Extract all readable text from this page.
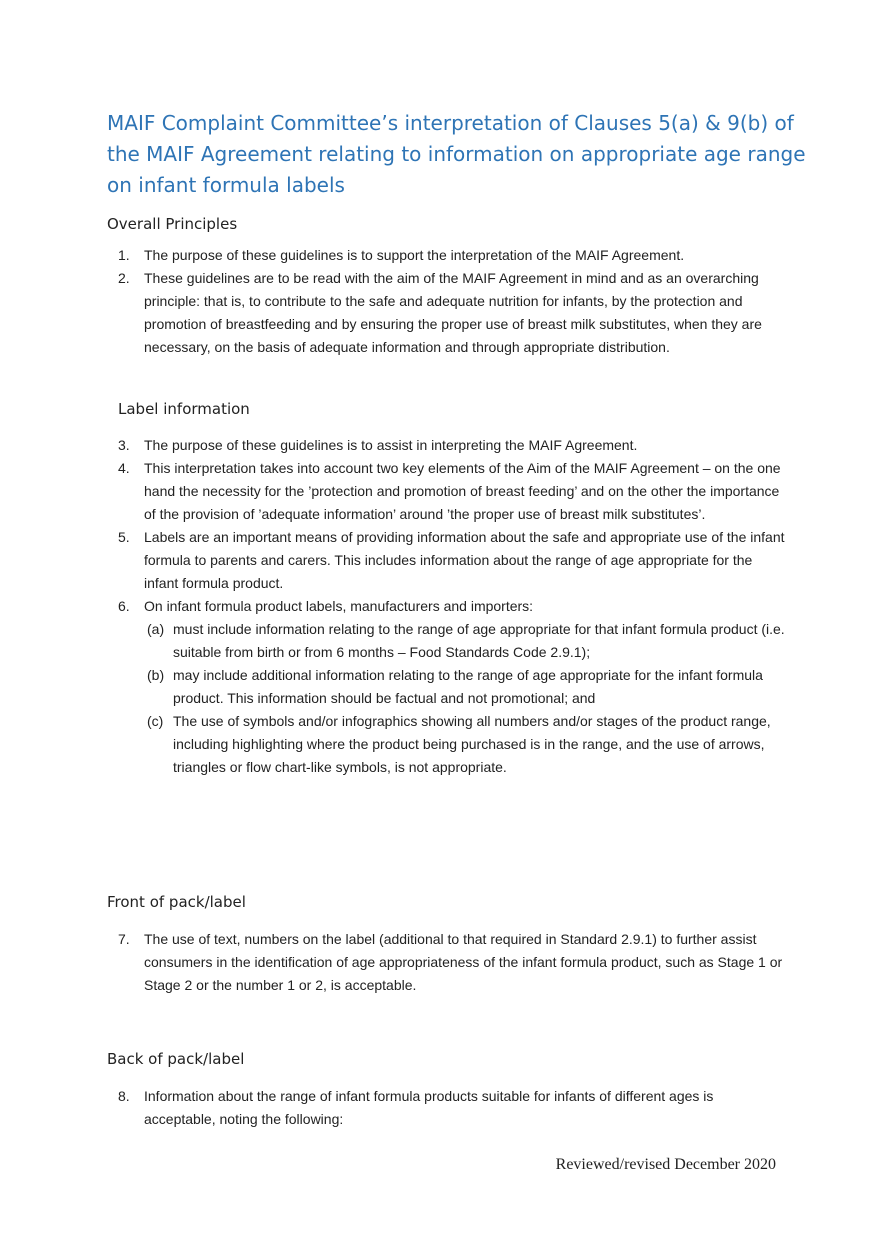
MAIF Complaint Committee’s interpretation of Clauses 5(a) & 9(b) of the MAIF Agreement relating to information on appropriate age range on infant formula labels
Overall Principles
1. The purpose of these guidelines is to support the interpretation of the MAIF Agreement.
2. These guidelines are to be read with the aim of the MAIF Agreement in mind and as an overarching principle: that is, to contribute to the safe and adequate nutrition for infants, by the protection and promotion of breastfeeding and by ensuring the proper use of breast milk substitutes, when they are necessary, on the basis of adequate information and through appropriate distribution.
Label information
3. The purpose of these guidelines is to assist in interpreting the MAIF Agreement.
4. This interpretation takes into account two key elements of the Aim of the MAIF Agreement – on the one hand the necessity for the ’protection and promotion of breast feeding’ and on the other the importance of the provision of ’adequate information’ around ’the proper use of breast milk substitutes’.
5. Labels are an important means of providing information about the safe and appropriate use of the infant formula to parents and carers. This includes information about the range of age appropriate for the infant formula product.
6. On infant formula product labels, manufacturers and importers:
(a) must include information relating to the range of age appropriate for that infant formula product (i.e. suitable from birth or from 6 months – Food Standards Code 2.9.1);
(b) may include additional information relating to the range of age appropriate for the infant formula product. This information should be factual and not promotional; and
(c) The use of symbols and/or infographics showing all numbers and/or stages of the product range, including highlighting where the product being purchased is in the range, and the use of arrows, triangles or flow chart-like symbols, is not appropriate.
Front of pack/label
7. The use of text, numbers on the label (additional to that required in Standard 2.9.1) to further assist consumers in the identification of age appropriateness of the infant formula product, such as Stage 1 or Stage 2 or the number 1 or 2, is acceptable.
Back of pack/label
8. Information about the range of infant formula products suitable for infants of different ages is acceptable, noting the following:

Reviewed/revised December 2020
